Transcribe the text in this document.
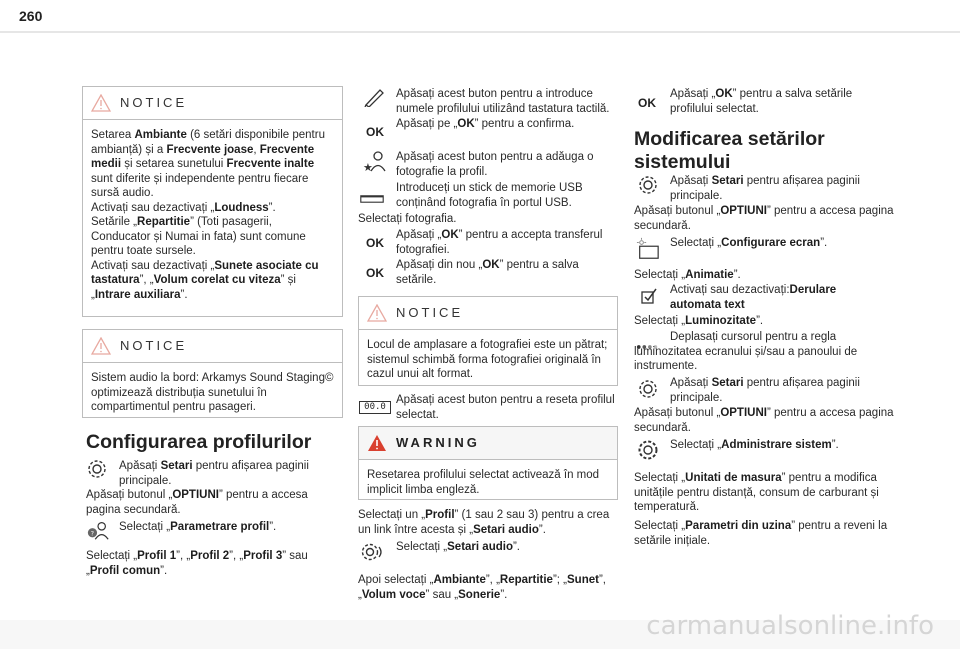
260
NOTICE

Setarea Ambiante (6 setări disponibile pentru ambianță) și a Frecvente joase, Frecvente medii și setarea sunetului Frecvente inalte sunt diferite și independente pentru fiecare sursă audio.

Activați sau dezactivați „Loudness”.

Setările „Repartitie” (Toti pasagerii, Conducator și Numai in fata) sunt comune pentru toate sursele.

Activați sau dezactivați „Sunete asociate cu tastatura”, „Volum corelat cu viteza” și „Intrare auxiliara”.

NOTICE

Sistem audio la bord: Arkamys Sound Staging© optimizează distribuția sunetului în compartimentul pentru pasageri.

Configurarea profilurilor

Apăsați Setari pentru afișarea paginii principale.

Apăsați butonul „OPTIUNI” pentru a accesa pagina secundară.

?

Selectați „Parametrare profil”.

Selectați „Profil 1”, „Profil 2”, „Profil 3” sau „Profil comun”.

Apăsați acest buton pentru a introduce numele profilului utilizând tastatura tactilă.

OK

Apăsați pe „OK” pentru a confirma.

★

Apăsați acest buton pentru a adăuga o fotografie la profil.

Introduceți un stick de memorie USB conținând fotografia în portul USB.

Selectați fotografia.

OK

Apăsați „OK” pentru a accepta transferul fotografiei.

OK

Apăsați din nou „OK” pentru a salva setările.

NOTICE

Locul de amplasare a fotografiei este un pătrat; sistemul schimbă forma fotografiei originală în cazul unui alt format.

00.0

Apăsați acest buton pentru a reseta profilul selectat.

WARNING

Resetarea profilului selectat activează în mod implicit limba engleză.

Selectați un „Profil” (1 sau 2 sau 3) pentru a crea un link între acesta și „Setari audio”.

Selectați „Setari audio”.

Apoi selectați „Ambiante”, „Repartitie”; „Sunet”, „Volum voce” sau „Sonerie”.

OK

Apăsați „OK” pentru a salva setările profilului selectat.

Modificarea setărilor sistemului

Apăsați Setari pentru afișarea paginii principale.

Apăsați butonul „OPTIUNI” pentru a accesa pagina secundară.

Selectați „Configurare ecran”.

Selectați „Animatie”.

Activați sau dezactivați:Derulare automata text

Selectați „Luminozitate”.

Deplasați cursorul pentru a regla luminozitatea ecranului și/sau a panoului de instrumente.

Apăsați Setari pentru afișarea paginii principale.

Apăsați butonul „OPTIUNI” pentru a accesa pagina secundară.

Selectați „Administrare sistem”.

Selectați „Unitati de masura” pentru a modifica unitățile pentru distanță, consum de carburant și temperatură.

Selectați „Parametri din uzina” pentru a reveni la setările inițiale.

carmanualsonline.info
